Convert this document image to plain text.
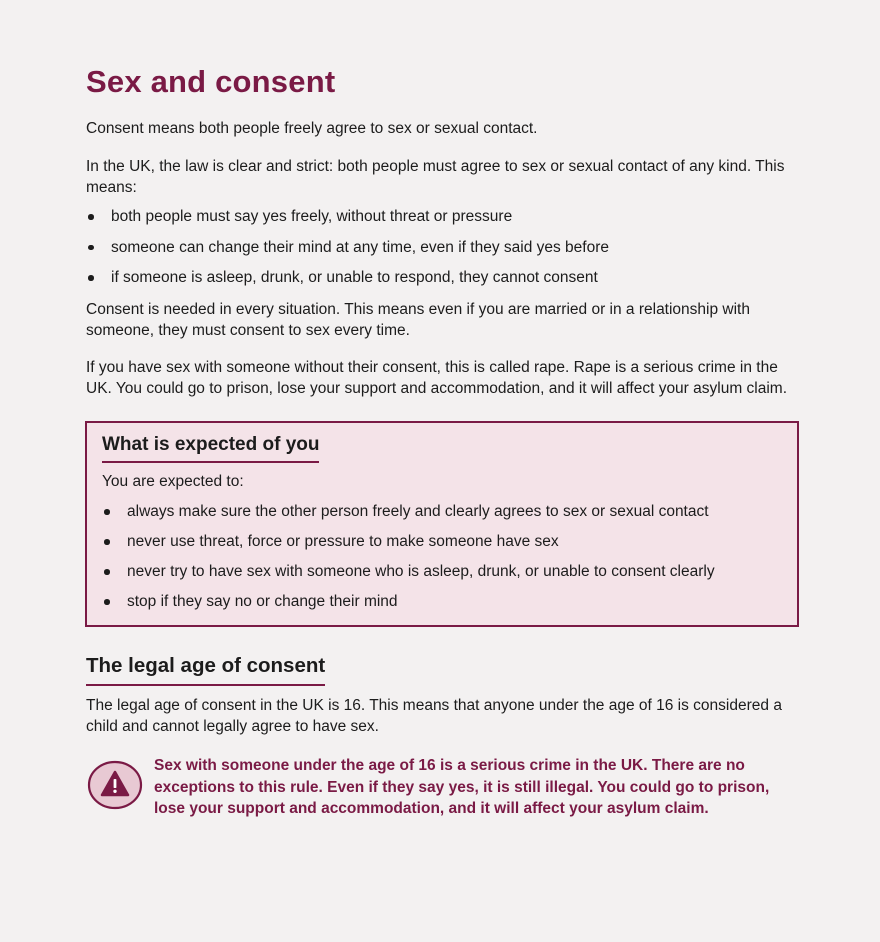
Sex and consent

Consent means both people freely agree to sex or sexual contact.

In the UK, the law is clear and strict: both people must agree to sex or sexual contact of any kind. This means:

both people must say yes freely, without threat or pressure
someone can change their mind at any time, even if they said yes before
if someone is asleep, drunk, or unable to respond, they cannot consent

Consent is needed in every situation. This means even if you are married or in a relationship with someone, they must consent to sex every time.

If you have sex with someone without their consent, this is called rape. Rape is a serious crime in the UK. You could go to prison, lose your support and accommodation, and it will affect your asylum claim.

What is expected of you

You are expected to:

always make sure the other person freely and clearly agrees to sex or sexual contact
never use threat, force or pressure to make someone have sex
never try to have sex with someone who is asleep, drunk, or unable to consent clearly
stop if they say no or change their mind
The legal age of consent

The legal age of consent in the UK is 16. This means that anyone under the age of 16 is considered a child and cannot legally agree to have sex.

Sex with someone under the age of 16 is a serious crime in the UK. There are no exceptions to this rule. Even if they say yes, it is still illegal. You could go to prison, lose your support and accommodation, and it will affect your asylum claim.
